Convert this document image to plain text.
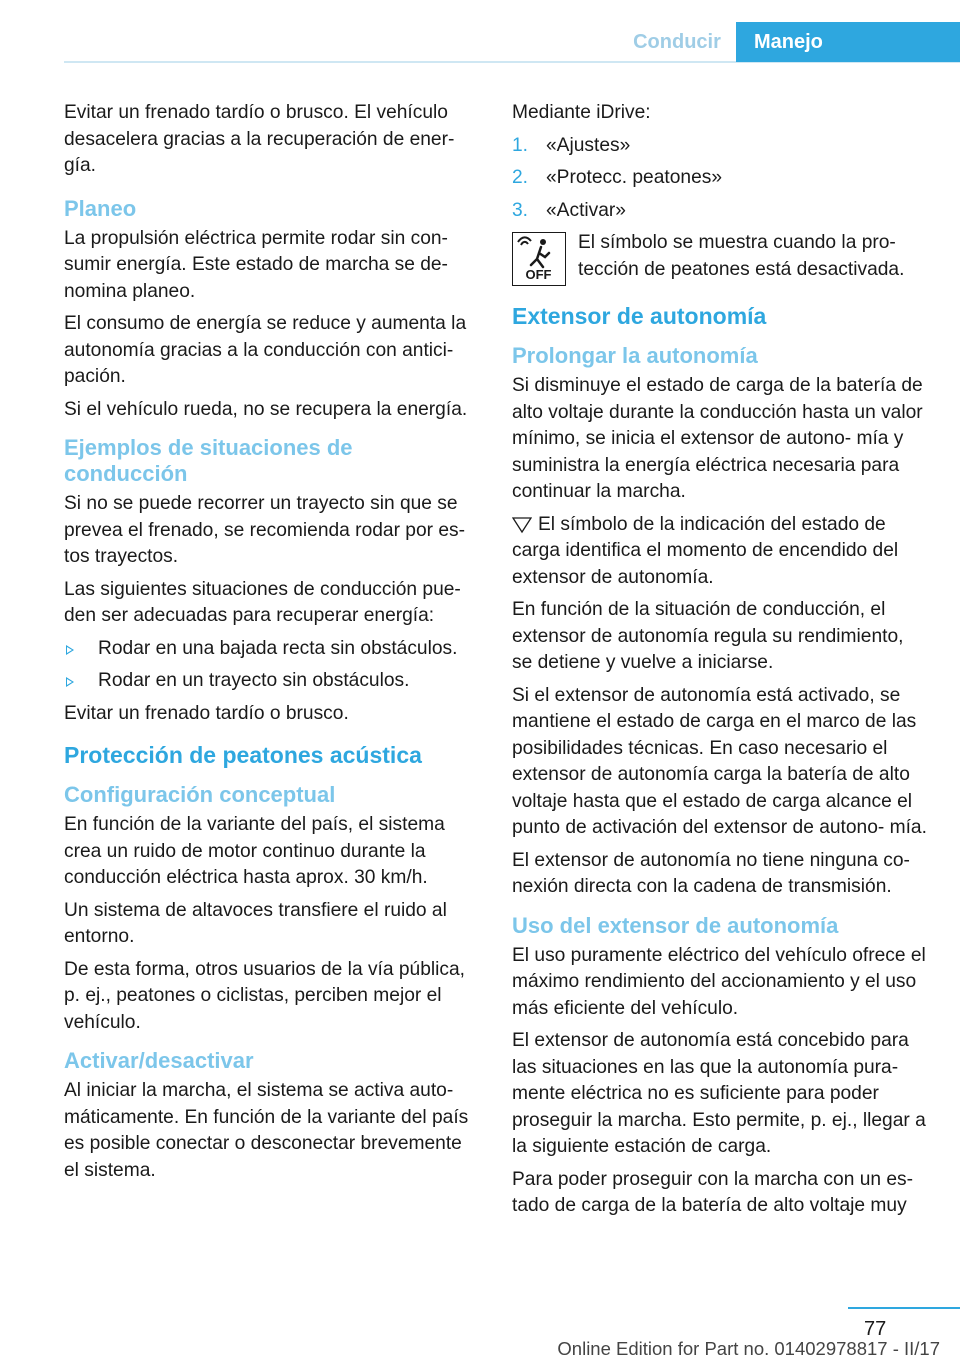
Conducir	Manejo

Evitar un frenado tardío o brusco. El vehículo desacelera gracias a la recuperación de ener‐ gía.

Planeo

La propulsión eléctrica permite rodar sin con‐ sumir energía. Este estado de marcha se de‐ nomina planeo.

El consumo de energía se reduce y aumenta la autonomía gracias a la conducción con antici‐ pación.

Si el vehículo rueda, no se recupera la energía.

Ejemplos de situaciones de conducción

Si no se puede recorrer un trayecto sin que se prevea el frenado, se recomienda rodar por es‐ tos trayectos.

Las siguientes situaciones de conducción pue‐ den ser adecuadas para recuperar energía:

Rodar en una bajada recta sin obstáculos.
Rodar en un trayecto sin obstáculos.

Evitar un frenado tardío o brusco.

Protección de peatones acústica
Configuración conceptual

En función de la variante del país, el sistema crea un ruido de motor continuo durante la conducción eléctrica hasta aprox. 30 km/h.

Un sistema de altavoces transfiere el ruido al entorno.

De esta forma, otros usuarios de la vía pública, p. ej., peatones o ciclistas, perciben mejor el vehículo.

Activar/desactivar

Al iniciar la marcha, el sistema se activa auto‐ máticamente. En función de la variante del país es posible conectar o desconectar brevemente el sistema.

Mediante iDrive:

1. «Ajustes»
2. «Protecc. peatones»
3. «Activar»
OFF
El símbolo se muestra cuando la pro‐ tección de peatones está desactivada.
Extensor de autonomía
Prolongar la autonomía

Si disminuye el estado de carga de la batería de alto voltaje durante la conducción hasta un valor mínimo, se inicia el extensor de autono‐ mía y suministra la energía eléctrica necesaria para continuar la marcha.

El símbolo de la indicación del estado de carga identifica el momento de encendido del extensor de autonomía.

En función de la situación de conducción, el extensor de autonomía regula su rendimiento, se detiene y vuelve a iniciarse.

Si el extensor de autonomía está activado, se mantiene el estado de carga en el marco de las posibilidades técnicas. En caso necesario el extensor de autonomía carga la batería de alto voltaje hasta que el estado de carga alcance el punto de activación del extensor de autono‐ mía.

El extensor de autonomía no tiene ninguna co‐ nexión directa con la cadena de transmisión.

Uso del extensor de autonomía

El uso puramente eléctrico del vehículo ofrece el máximo rendimiento del accionamiento y el uso más eficiente del vehículo.

El extensor de autonomía está concebido para las situaciones en las que la autonomía pura‐ mente eléctrica no es suficiente para poder proseguir la marcha. Esto permite, p. ej., llegar a la siguiente estación de carga.

Para poder proseguir con la marcha con un es‐ tado de carga de la batería de alto voltaje muy

77
Online Edition for Part no. 01402978817 - II/17
